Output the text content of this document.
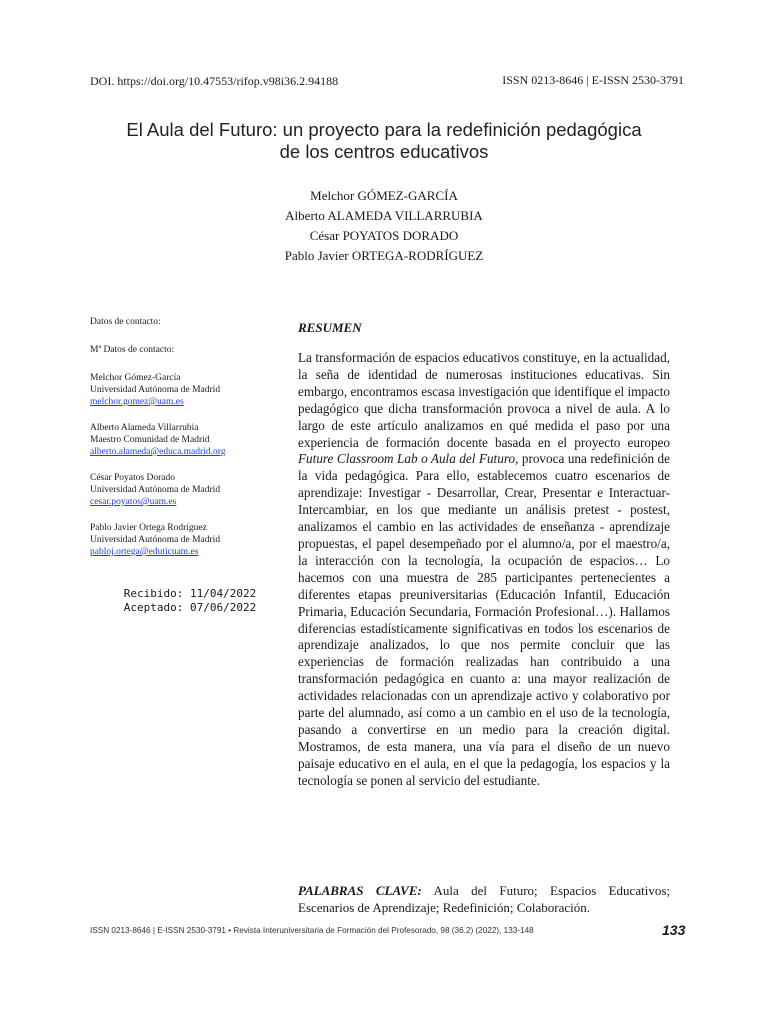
DOI. https://doi.org/10.47553/rifop.v98i36.2.94188	ISSN 0213-8646 | E-ISSN 2530-3791
El Aula del Futuro: un proyecto para la redefinición pedagógica
de los centros educativos
Melchor GÓMEZ-GARCÍA
Alberto ALAMEDA VILLARRUBIA
César POYATOS DORADO
Pablo Javier ORTEGA-RODRÍGUEZ
Datos de contacto:
Mª Datos de contacto:
Melchor Gómez-García
Universidad Autónoma de Madrid
melchor.gomez@uam.es
Alberto Alameda Villarrubia
Maestro Comunidad de Madrid
alberto.alameda@educa.madrid.org
César Poyatos Dorado
Universidad Autónoma de Madrid
cesar.poyatos@uam.es
Pablo Javier Ortega Rodríguez
Universidad Autónoma de Madrid
pabloj.ortega@eduticuam.es
Recibido: 11/04/2022
Aceptado: 07/06/2022
RESUMEN

La transformación de espacios educativos constituye, en la actualidad, la seña de identidad de numerosas instituciones educativas. Sin embargo, encontramos escasa investigación que identifique el impacto pedagógico que dicha transformación provoca a nivel de aula. A lo largo de este artículo analizamos en qué medida el paso por una experiencia de formación docente basada en el proyecto europeo Future Classroom Lab o Aula del Futuro, provoca una redefinición de la vida pedagógica. Para ello, establecemos cuatro escenarios de aprendizaje: Investigar - Desarrollar, Crear, Presentar e Interactuar-Intercambiar, en los que mediante un análisis pretest - postest, analizamos el cambio en las actividades de enseñanza - aprendizaje propuestas, el papel desempeñado por el alumno/a, por el maestro/a, la interacción con la tecnología, la ocupación de espacios… Lo hacemos con una muestra de 285 participantes pertenecientes a diferentes etapas preuniversitarias (Educación Infantil, Educación Primaria, Educación Secundaria, Formación Profesional…). Hallamos diferencias estadísticamente significativas en todos los escenarios de aprendizaje analizados, lo que nos permite concluir que las experiencias de formación realizadas han contribuido a una transformación pedagógica en cuanto a: una mayor realización de actividades relacionadas con un aprendizaje activo y colaborativo por parte del alumnado, así como a un cambio en el uso de la tecnología, pasando a convertirse en un medio para la creación digital. Mostramos, de esta manera, una vía para el diseño de un nuevo paisaje educativo en el aula, en el que la pedagogía, los espacios y la tecnología se ponen al servicio del estudiante.

PALABRAS CLAVE: Aula del Futuro; Espacios Educativos; Escenarios de Aprendizaje; Redefinición; Colaboración.
ISSN 0213-8646 | E-ISSN 2530-3791 • Revista Interuniversitaria de Formación del Profesorado, 98 (36.2) (2022), 133-148	133
